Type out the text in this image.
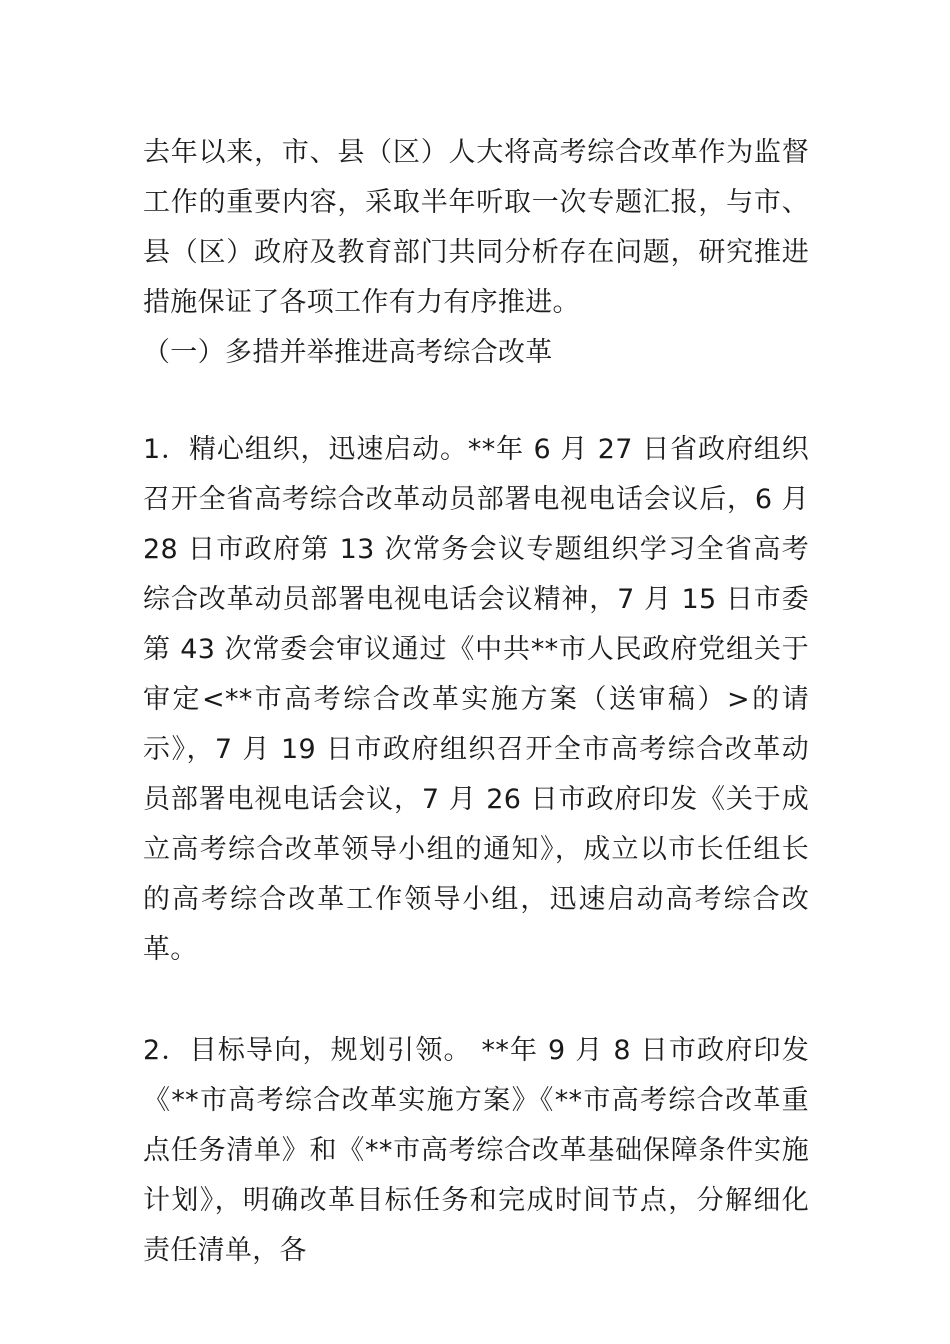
去年以来，市、县（区）人大将高考综合改革作为监督工作的重要内容，采取半年听取一次专题汇报，与市、县（区）政府及教育部门共同分析存在问题，研究推进措施保证了各项工作有力有序推进。

（一）多措并举推进高考综合改革

1．精心组织，迅速启动。**年 6 月 27 日省政府组织召开全省高考综合改革动员部署电视电话会议后，6 月 28 日市政府第 13 次常务会议专题组织学习全省高考综合改革动员部署电视电话会议精神，7 月 15 日市委第 43 次常委会审议通过《中共**市人民政府党组关于审定<**市高考综合改革实施方案（送审稿）>的请示》，7 月 19 日市政府组织召开全市高考综合改革动员部署电视电话会议，7 月 26 日市政府印发《关于成立高考综合改革领导小组的通知》，成立以市长任组长的高考综合改革工作领导小组，迅速启动高考综合改革。

2．目标导向，规划引领。 **年 9 月 8 日市政府印发《**市高考综合改革实施方案》《**市高考综合改革重点任务清单》和《**市高考综合改革基础保障条件实施计划》，明确改革目标任务和完成时间节点，分解细化责任清单，各
